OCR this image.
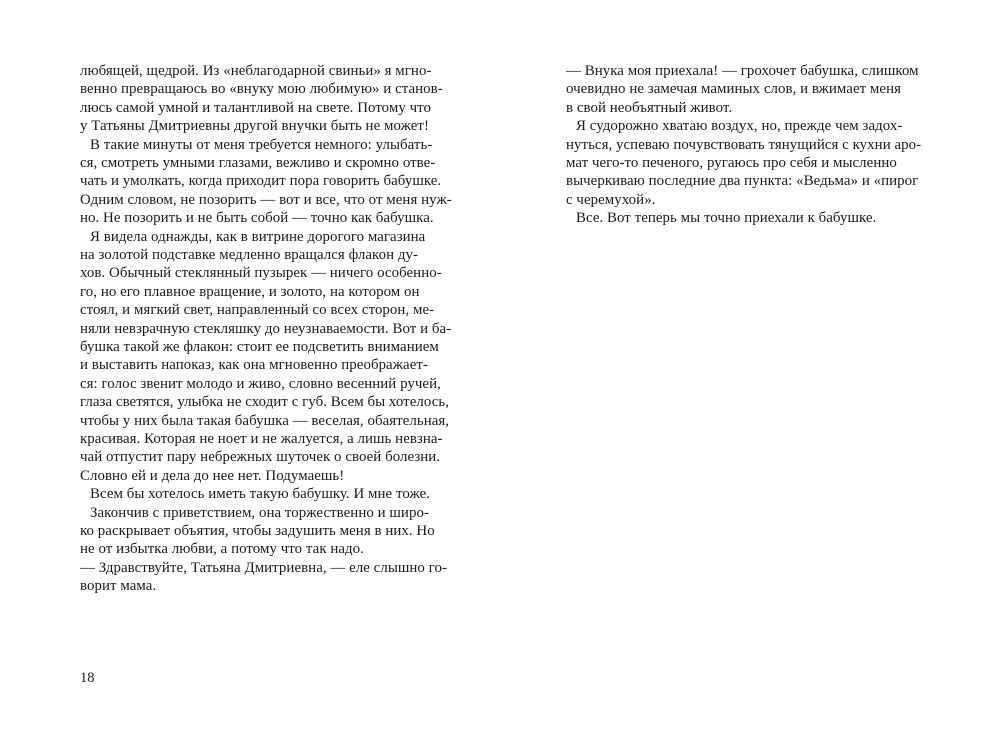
любящей, щедрой. Из «неблагодарной свиньи» я мгно-
венно превращаюсь во «внуку мою любимую» и станов-
люсь самой умной и талантливой на свете. Потому что
у Татьяны Дмитриевны другой внучки быть не может!
В такие минуты от меня требуется немного: улыбать-
ся, смотреть умными глазами, вежливо и скромно отве-
чать и умолкать, когда приходит пора говорить бабушке.
Одним словом, не позорить — вот и все, что от меня нуж-
но. Не позорить и не быть собой — точно как бабушка.
Я видела однажды, как в витрине дорогого магазина
на золотой подставке медленно вращался флакон ду-
хов. Обычный стеклянный пузырек — ничего особенно-
го, но его плавное вращение, и золото, на котором он
стоял, и мягкий свет, направленный со всех сторон, ме-
няли невзрачную стекляшку до неузнаваемости. Вот и ба-
бушка такой же флакон: стоит ее подсветить вниманием
и выставить напоказ, как она мгновенно преображает-
ся: голос звенит молодо и живо, словно весенний ручей,
глаза светятся, улыбка не сходит с губ. Всем бы хотелось,
чтобы у них была такая бабушка — веселая, обаятельная,
красивая. Которая не ноет и не жалуется, а лишь невзна-
чай отпустит пару небрежных шуточек о своей болезни.
Словно ей и дела до нее нет. Подумаешь!
Всем бы хотелось иметь такую бабушку. И мне тоже.
Закончив с приветствием, она торжественно и широ-
ко раскрывает объятия, чтобы задушить меня в них. Но
не от избытка любви, а потому что так надо.
— Здравствуйте, Татьяна Дмитриевна, — еле слышно го-
ворит мама.
18
— Внука моя приехала! — грохочет бабушка, слишком
очевидно не замечая маминых слов, и вжимает меня
в свой необъятный живот.
Я судорожно хватаю воздух, но, прежде чем задох-
нуться, успеваю почувствовать тянущийся с кухни аро-
мат чего-то печеного, ругаюсь про себя и мысленно
вычеркиваю последние два пункта: «Ведьма» и «пирог
с черемухой».
Все. Вот теперь мы точно приехали к бабушке.
